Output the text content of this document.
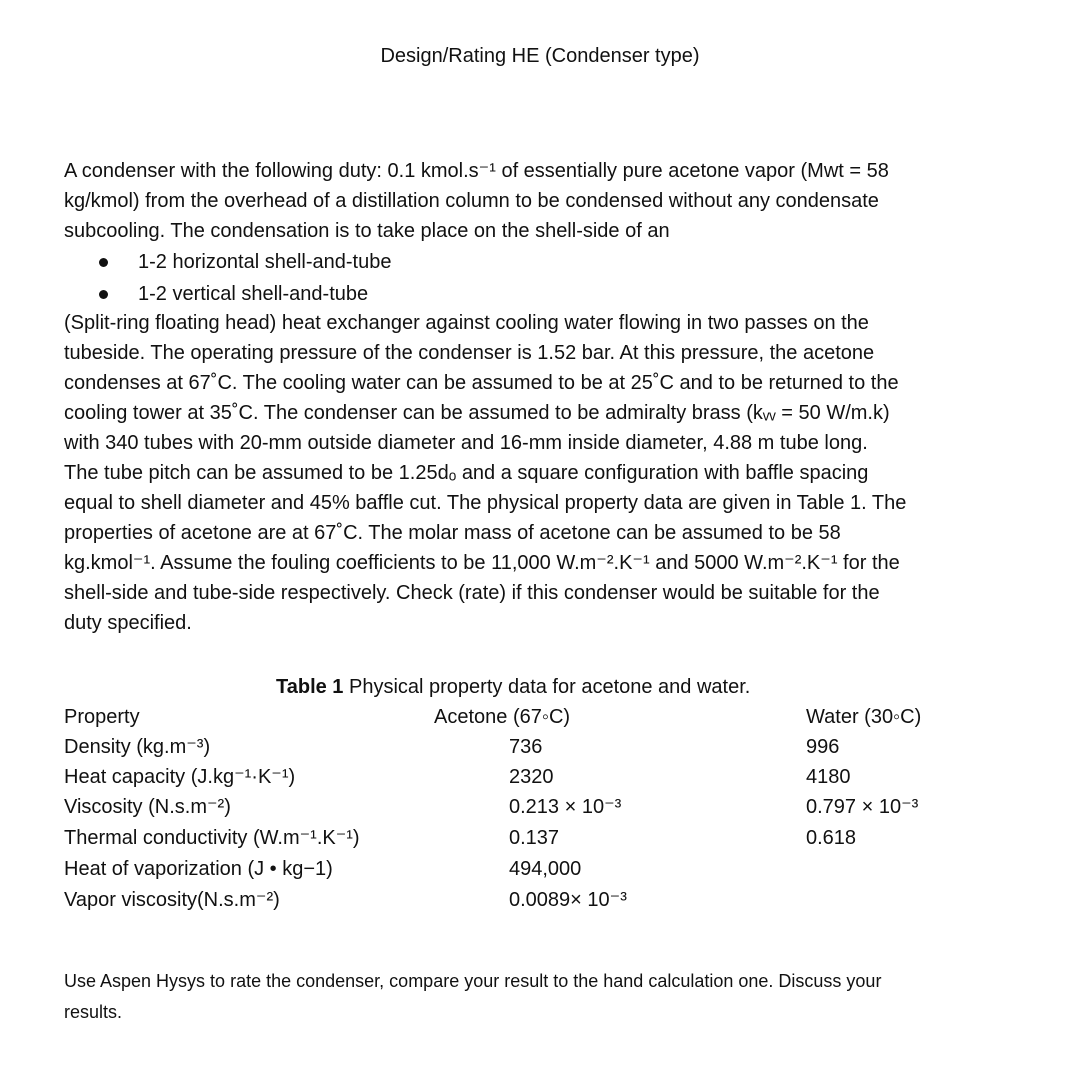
Design/Rating HE (Condenser type)
A condenser with the following duty: 0.1 kmol.s⁻¹ of essentially pure acetone vapor (Mwt = 58
kg/kmol) from the overhead of a distillation column to be condensed without any condensate
subcooling. The condensation is to take place on the shell-side of an
1-2 horizontal shell-and-tube
1-2 vertical shell-and-tube
(Split-ring floating head) heat exchanger against cooling water flowing in two passes on the
tubeside. The operating pressure of the condenser is 1.52 bar. At this pressure, the acetone
condenses at 67˚C. The cooling water can be assumed to be at 25˚C and to be returned to the
cooling tower at 35˚C. The condenser can be assumed to be admiralty brass (kᵥᵥ = 50 W/m.k)
with 340 tubes with 20-mm outside diameter and 16-mm inside diameter, 4.88 m tube long.
The tube pitch can be assumed to be 1.25dₒ and a square configuration with baffle spacing
equal to shell diameter and 45% baffle cut. The physical property data are given in Table 1. The
properties of acetone are at 67˚C. The molar mass of acetone can be assumed to be 58
kg.kmol⁻¹. Assume the fouling coefficients to be 11,000 W.m⁻².K⁻¹ and 5000 W.m⁻².K⁻¹ for the
shell-side and tube-side respectively. Check (rate) if this condenser would be suitable for the
duty specified.
Table 1 Physical property data for acetone and water.
Property	Acetone (67◦C)	Water (30◦C)
Density (kg.m⁻³)	736	996
Heat capacity (J.kg⁻¹·K⁻¹)	2320	4180
Viscosity (N.s.m⁻²)	0.213 × 10⁻³	0.797 × 10⁻³
Thermal conductivity (W.m⁻¹.K⁻¹)	0.137	0.618
Heat of vaporization (J • kg−1)	494,000
Vapor viscosity(N.s.m⁻²)	0.0089× 10⁻³
Use Aspen Hysys to rate the condenser, compare your result to the hand calculation one. Discuss your
results.
